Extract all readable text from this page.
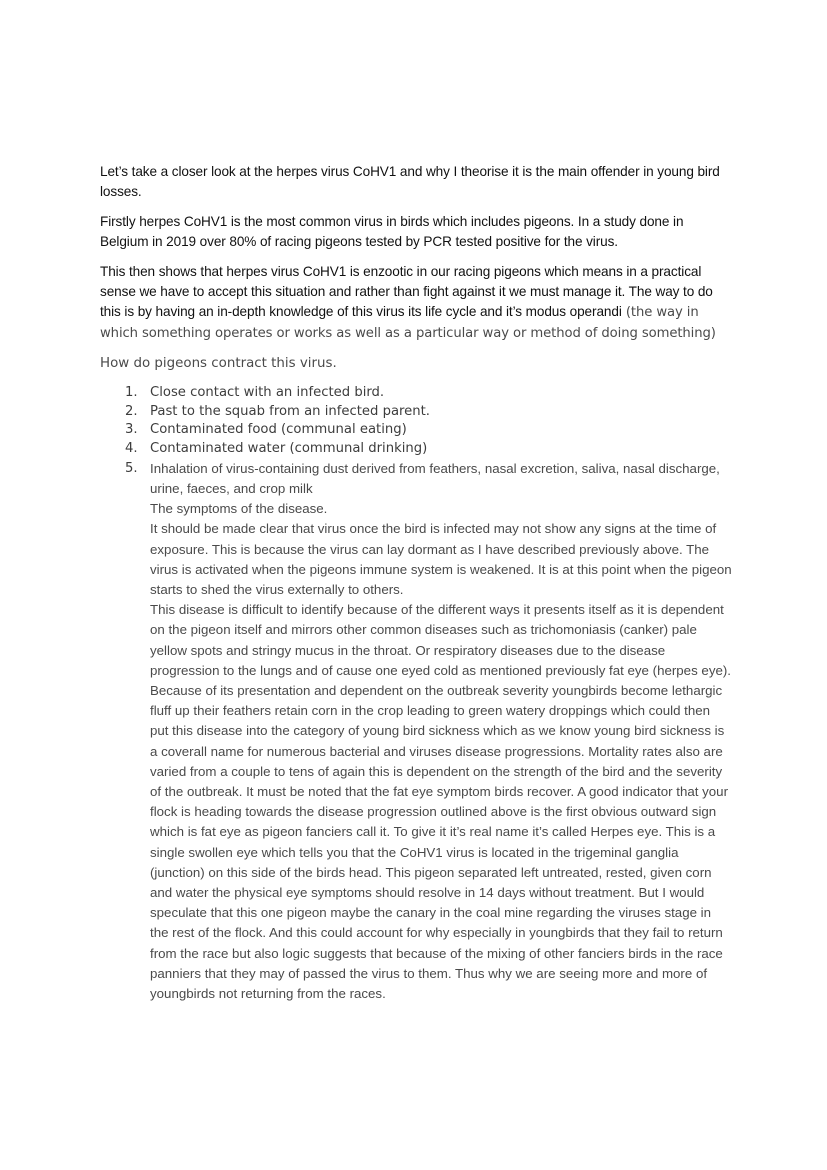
Let’s take a closer look at the herpes virus CoHV1 and why I theorise it is the main offender in young bird losses.

Firstly herpes CoHV1 is the most common virus in birds which includes pigeons. In a study done in Belgium in 2019 over 80% of racing pigeons tested by PCR tested positive for the virus.

This then shows that herpes virus CoHV1 is enzootic in our racing pigeons which means in a practical sense we have to accept this situation and rather than fight against it we must manage it. The way to do this is by having an in-depth knowledge of this virus its life cycle and it’s modus operandi (the way in which something operates or works as well as a particular way or method of doing something)

How do pigeons contract this virus.

1. Close contact with an infected bird.
2. Past to the squab from an infected parent.
3. Contaminated food (communal eating)
4. Contaminated water (communal drinking)
5. Inhalation of virus-containing dust derived from feathers, nasal excretion, saliva, nasal discharge, urine, faeces, and crop milk

The symptoms of the disease.

It should be made clear that virus once the bird is infected may not show any signs at the time of exposure. This is because the virus can lay dormant as I have described previously above. The virus is activated when the pigeons immune system is weakened. It is at this point when the pigeon starts to shed the virus externally to others.

This disease is difficult to identify because of the different ways it presents itself as it is dependent on the pigeon itself and mirrors other common diseases such as trichomoniasis (canker) pale yellow spots and stringy mucus in the throat. Or respiratory diseases due to the disease progression to the lungs and of cause one eyed cold as mentioned previously fat eye (herpes eye). Because of its presentation and dependent on the outbreak severity youngbirds become lethargic fluff up their feathers retain corn in the crop leading to green watery droppings which could then put this disease into the category of young bird sickness which as we know young bird sickness is a coverall name for numerous bacterial and viruses disease progressions. Mortality rates also are varied from a couple to tens of again this is dependent on the strength of the bird and the severity of the outbreak. It must be noted that the fat eye symptom birds recover. A good indicator that your flock is heading towards the disease progression outlined above is the first obvious outward sign which is fat eye as pigeon fanciers call it. To give it it’s real name it’s called Herpes eye. This is a single swollen eye which tells you that the CoHV1 virus is located in the trigeminal ganglia (junction) on this side of the birds head. This pigeon separated left untreated, rested, given corn and water the physical eye symptoms should resolve in 14 days without treatment. But I would speculate that this one pigeon maybe the canary in the coal mine regarding the viruses stage in the rest of the flock. And this could account for why especially in youngbirds that they fail to return from the race but also logic suggests that because of the mixing of other fanciers birds in the race panniers that they may of passed the virus to them. Thus why we are seeing more and more of youngbirds not returning from the races.
